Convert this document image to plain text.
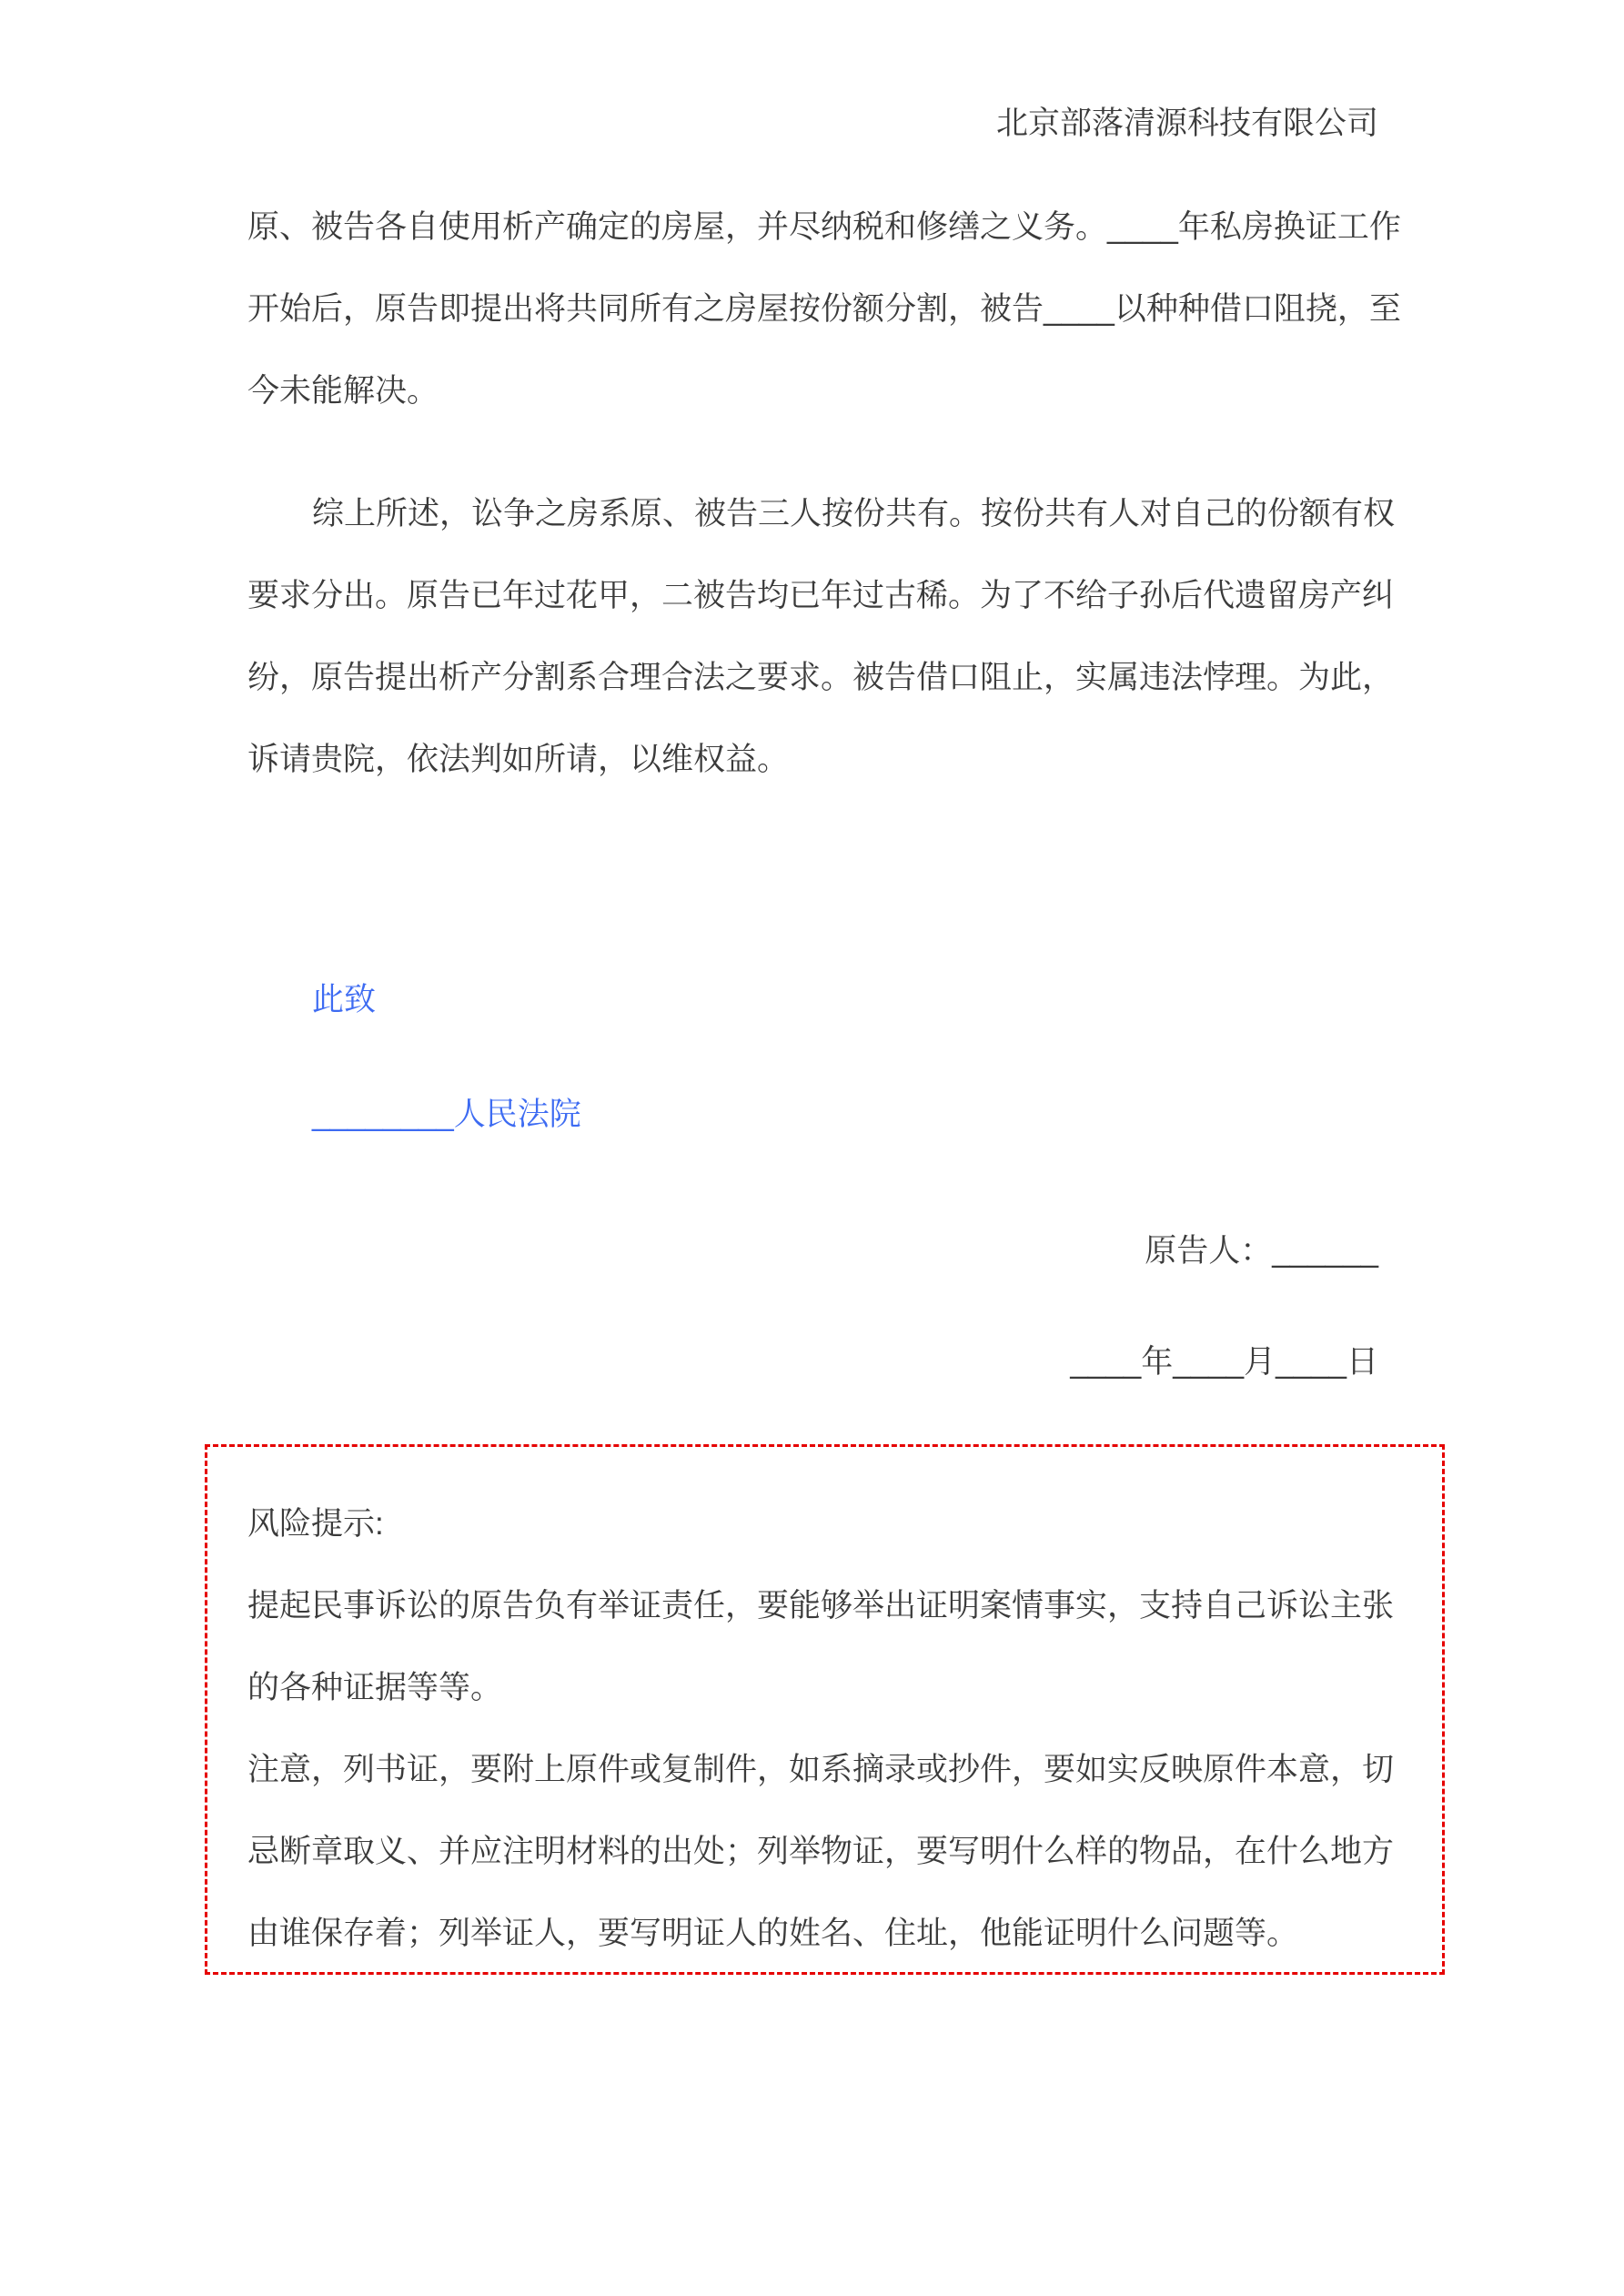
北京部落清源科技有限公司
原、被告各自使用析产确定的房屋，并尽纳税和修缮之义务。____年私房换证工作
开始后，原告即提出将共同所有之房屋按份额分割，被告____以种种借口阻挠，至
今未能解决。
综上所述，讼争之房系原、被告三人按份共有。按份共有人对自己的份额有权
要求分出。原告已年过花甲，二被告均已年过古稀。为了不给子孙后代遗留房产纠
纷，原告提出析产分割系合理合法之要求。被告借口阻止，实属违法悖理。为此，
诉请贵院，依法判如所请，以维权益。
此致
________人民法院
原告人：______
____年____月____日
风险提示:
提起民事诉讼的原告负有举证责任，要能够举出证明案情事实，支持自己诉讼主张
的各种证据等等。
注意，列书证，要附上原件或复制件，如系摘录或抄件，要如实反映原件本意，切
忌断章取义、并应注明材料的出处；列举物证，要写明什么样的物品，在什么地方
由谁保存着；列举证人，要写明证人的姓名、住址，他能证明什么问题等。
